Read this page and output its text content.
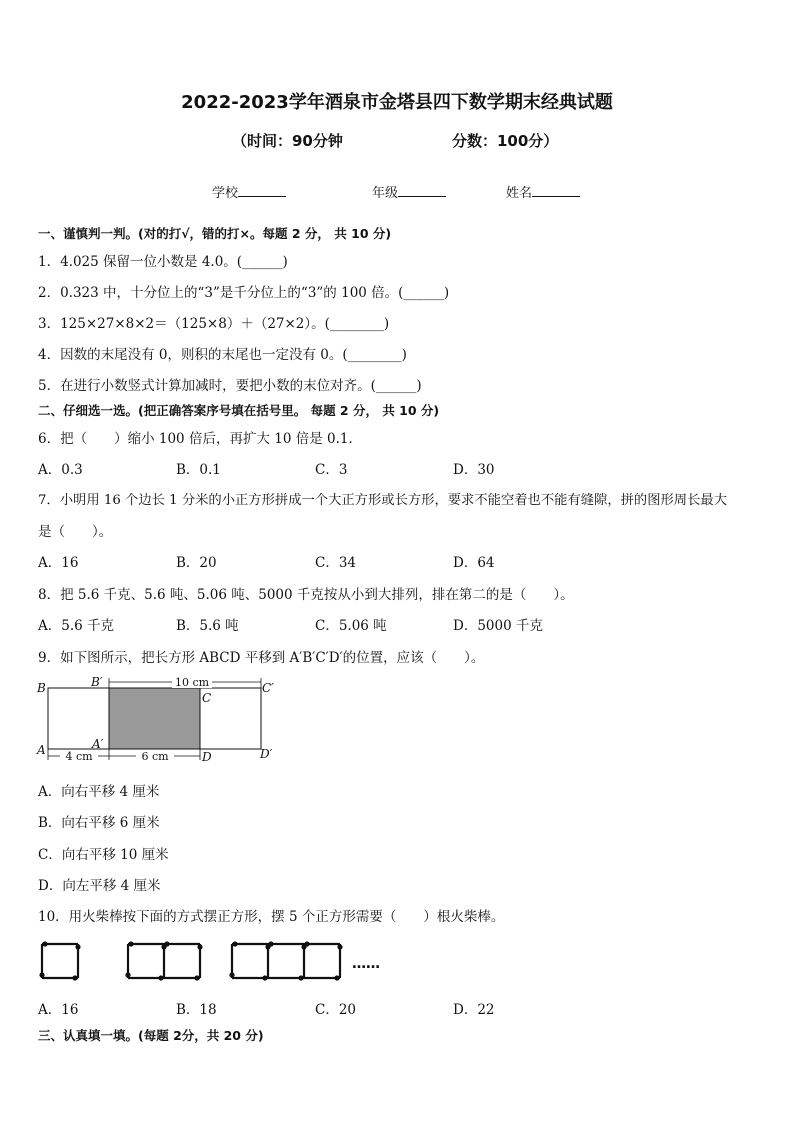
2022-2023学年酒泉市金塔县四下数学期末经典试题
（时间：90分钟	分数：100分）
学校	年级	姓名
一、谨慎判一判。(对的打√，错的打×。每题 2 分， 共 10 分)
1．4.025 保留一位小数是 4.0。(______)
2．0.323 中，十分位上的“3”是千分位上的“3”的 100 倍。(______)
3．125×27×8×2＝（125×8）＋（27×2）。(________)
4．因数的末尾没有 0，则积的末尾也一定没有 0。(________)
5．在进行小数竖式计算加减时，要把小数的末位对齐。(______)
二、仔细选一选。(把正确答案序号填在括号里。 每题 2 分， 共 10 分)
6．把（　　）缩小 100 倍后，再扩大 10 倍是 0.1．
A．0.3	B．0.1	C．3	D．30
7．小明用 16 个边长 1 分米的小正方形拼成一个大正方形或长方形，要求不能空着也不能有缝隙，拼的图形周长最大
是（　　）。
A．16	B．20	C．34	D．64
8．把 5.6 千克、5.6 吨、5.06 吨、5000 千克按从小到大排列，排在第二的是（　　）。
A．5.6 千克	B．5.6 吨	C．5.06 吨	D．5000 千克
9．如下图所示，把长方形 ABCD 平移到 A′B′C′D′的位置，应该（　　）。
B	B′	C′
C
A	A′
D	D′
10 cm
4 cm	6 cm
A．向右平移 4 厘米
B．向右平移 6 厘米
C．向右平移 10 厘米
D．向左平移 4 厘米
10．用火柴棒按下面的方式摆正方形，摆 5 个正方形需要（　　）根火柴棒。
……
A．16	B．18	C．20	D．22
三、认真填一填。(每题 2分，共 20 分)
